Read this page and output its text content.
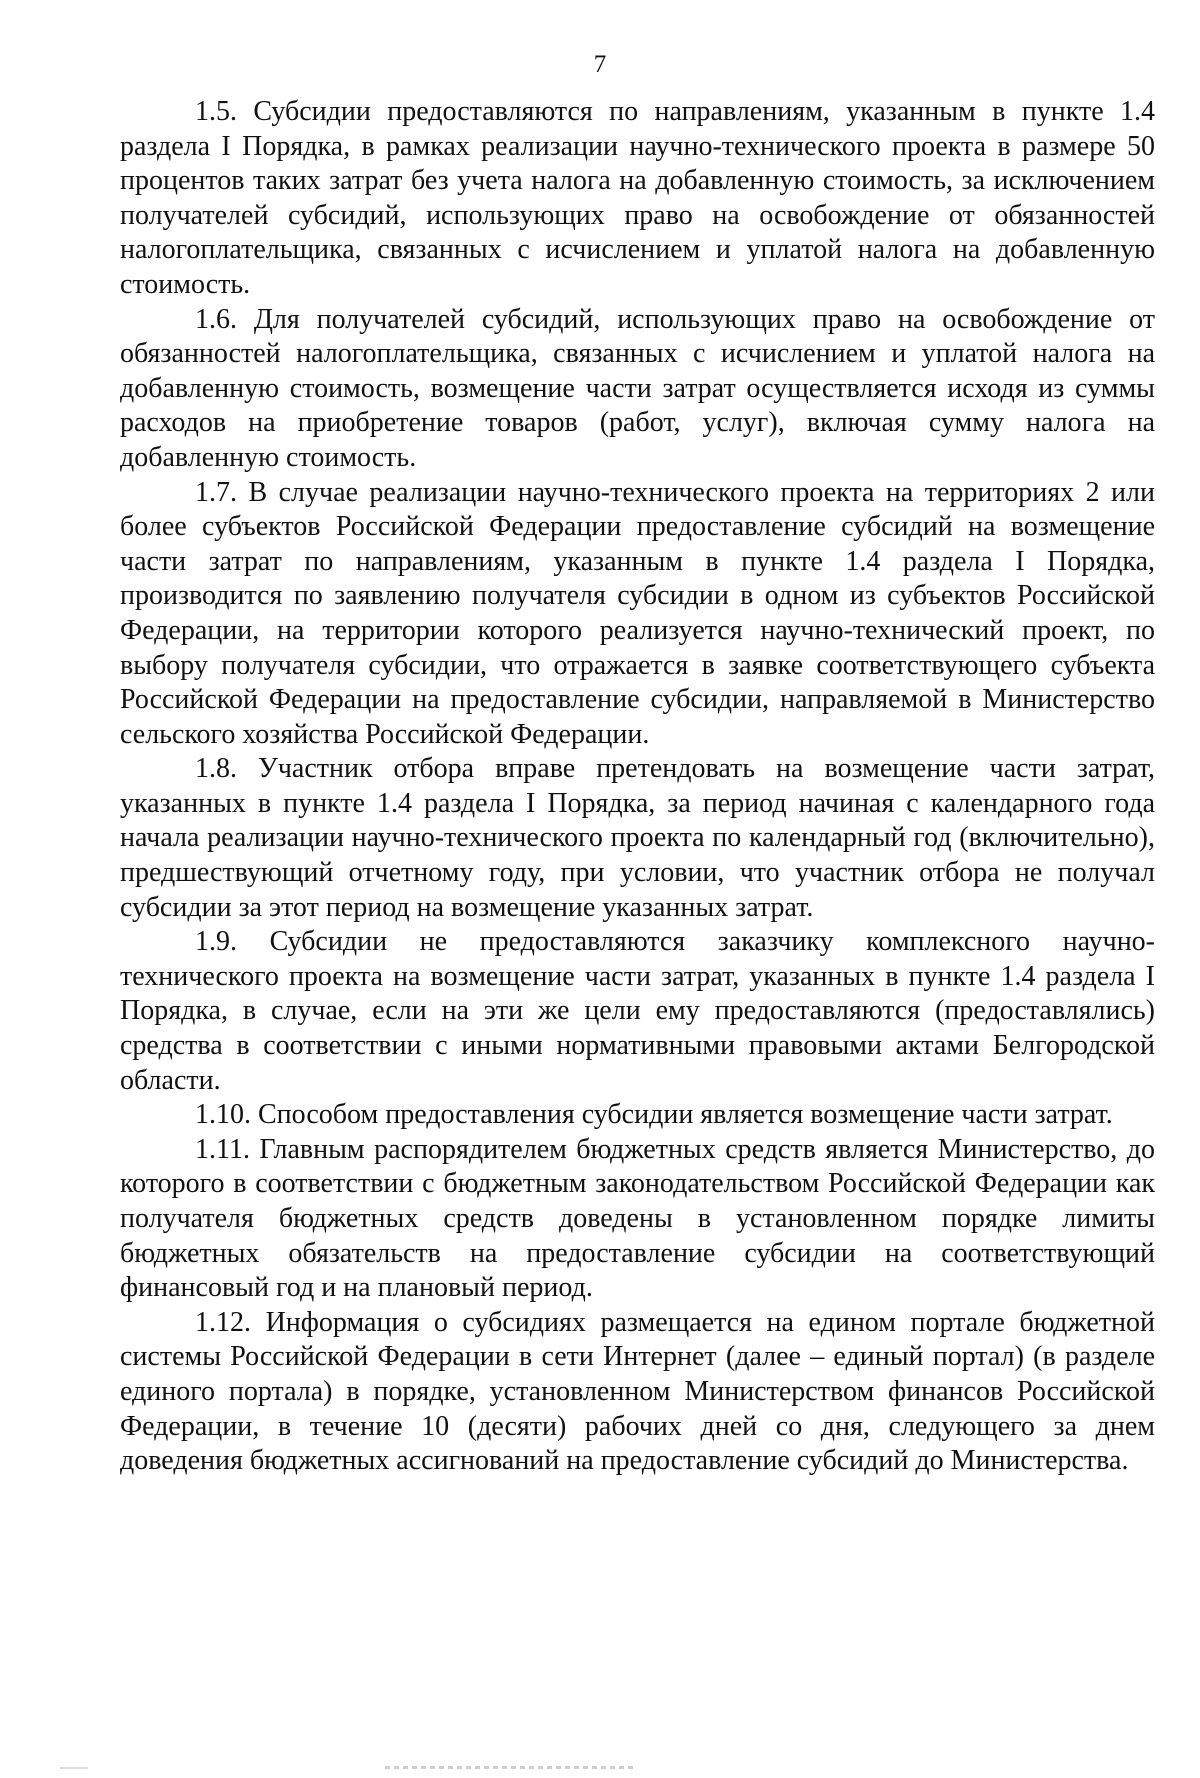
7

1.5. Субсидии предоставляются по направлениям, указанным в пункте 1.4 раздела I Порядка, в рамках реализации научно-технического проекта в размере 50 процентов таких затрат без учета налога на добавленную стоимость, за исключением получателей субсидий, использующих право на освобождение от обязанностей налогоплательщика, связанных с исчислением и уплатой налога на добавленную стоимость.

1.6. Для получателей субсидий, использующих право на освобождение от обязанностей налогоплательщика, связанных с исчислением и уплатой налога на добавленную стоимость, возмещение части затрат осуществляется исходя из суммы расходов на приобретение товаров (работ, услуг), включая сумму налога на добавленную стоимость.

1.7. В случае реализации научно-технического проекта на территориях 2 или более субъектов Российской Федерации предоставление субсидий на возмещение части затрат по направлениям, указанным в пункте 1.4 раздела I Порядка, производится по заявлению получателя субсидии в одном из субъектов Российской Федерации, на территории которого реализуется научно-технический проект, по выбору получателя субсидии, что отражается в заявке соответствующего субъекта Российской Федерации на предоставление субсидии, направляемой в Министерство сельского хозяйства Российской Федерации.

1.8. Участник отбора вправе претендовать на возмещение части затрат, указанных в пункте 1.4 раздела I Порядка, за период начиная с календарного года начала реализации научно-технического проекта по календарный год (включительно), предшествующий отчетному году, при условии, что участник отбора не получал субсидии за этот период на возмещение указанных затрат.

1.9. Субсидии не предоставляются заказчику комплексного научно-технического проекта на возмещение части затрат, указанных в пункте 1.4 раздела I Порядка, в случае, если на эти же цели ему предоставляются (предоставлялись) средства в соответствии с иными нормативными правовыми актами Белгородской области.

1.10. Способом предоставления субсидии является возмещение части затрат.

1.11. Главным распорядителем бюджетных средств является Министерство, до которого в соответствии с бюджетным законодательством Российской Федерации как получателя бюджетных средств доведены в установленном порядке лимиты бюджетных обязательств на предоставление субсидии на соответствующий финансовый год и на плановый период.

1.12. Информация о субсидиях размещается на едином портале бюджетной системы Российской Федерации в сети Интернет (далее – единый портал) (в разделе единого портала) в порядке, установленном Министерством финансов Российской Федерации, в течение 10 (десяти) рабочих дней со дня, следующего за днем доведения бюджетных ассигнований на предоставление субсидий до Министерства.
